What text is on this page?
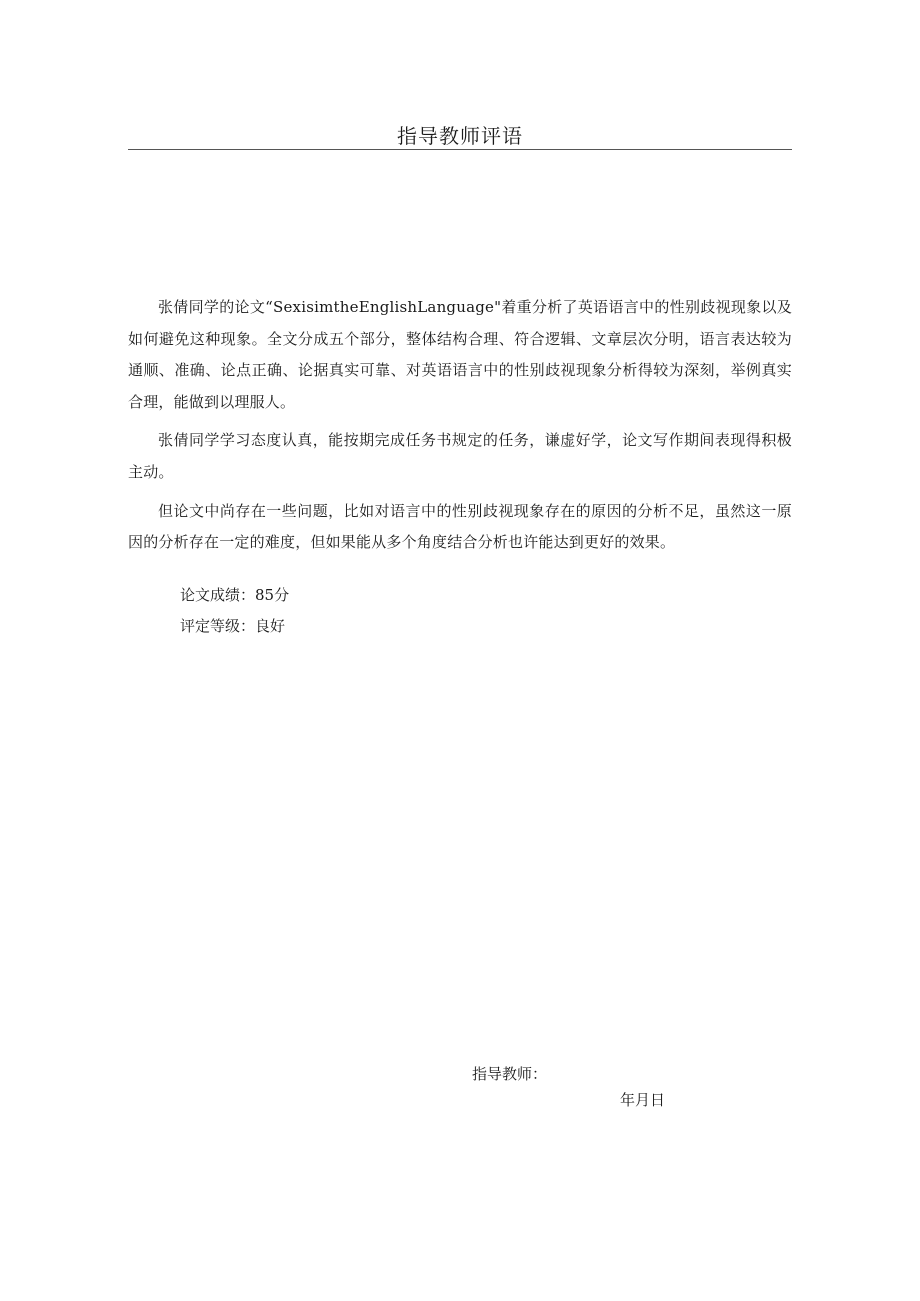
指导教师评语

张倩同学的论文“SexisimtheEnglishLanguage"着重分析了英语语言中的性别歧视现象以及如何避免这种现象。全文分成五个部分，整体结构合理、符合逻辑、文章层次分明，语言表达较为通顺、准确、论点正确、论据真实可靠、对英语语言中的性别歧视现象分析得较为深刻，举例真实合理，能做到以理服人。

张倩同学学习态度认真，能按期完成任务书规定的任务，谦虚好学，论文写作期间表现得积极主动。

但论文中尚存在一些问题，比如对语言中的性别歧视现象存在的原因的分析不足，虽然这一原因的分析存在一定的难度，但如果能从多个角度结合分析也许能达到更好的效果。

论文成绩：85分
评定等级：良好
指导教师：
年月日
